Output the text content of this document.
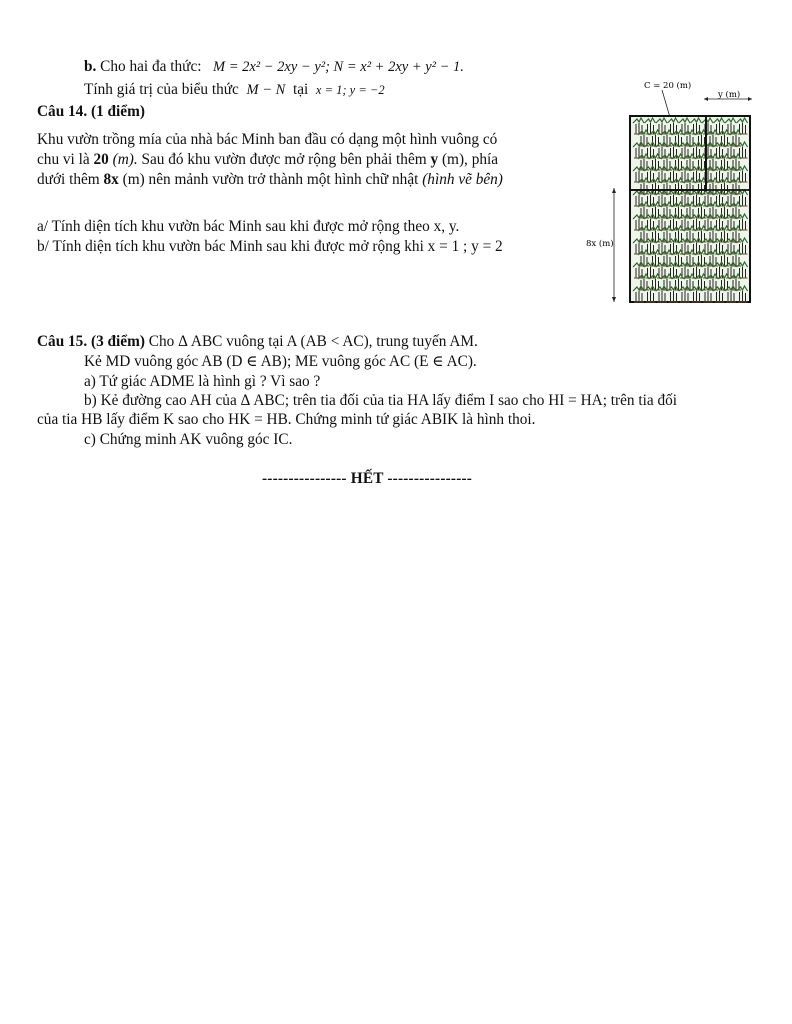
b. Cho hai đa thức: M = 2x² − 2xy − y²; N = x² + 2xy + y² − 1.
Tính giá trị của biểu thức M − N tại x = 1; y = −2
Câu 14. (1 điểm)
Khu vườn trồng mía của nhà bác Minh ban đầu có dạng một hình vuông có
chu vi là 20 (m). Sau đó khu vườn được mở rộng bên phải thêm y (m), phía
dưới thêm 8x (m) nên mảnh vườn trở thành một hình chữ nhật (hình vẽ bên)
a/ Tính diện tích khu vườn bác Minh sau khi được mở rộng theo x, y.
b/ Tính diện tích khu vườn bác Minh sau khi được mở rộng khi x = 1 ; y = 2
C = 20 (m)
y (m)
8x (m)
Câu 15. (3 điểm) Cho Δ ABC vuông tại A (AB < AC), trung tuyến AM.
Kẻ MD vuông góc AB (D ∈ AB); ME vuông góc AC (E ∈ AC).
a) Tứ giác ADME là hình gì ? Vì sao ?
b) Kẻ đường cao AH của Δ ABC; trên tia đối của tia HA lấy điểm I sao cho HI = HA; trên tia đối
của tia HB lấy điểm K sao cho HK = HB. Chứng minh tứ giác ABIK là hình thoi.
c) Chứng minh AK vuông góc IC.
---------------- HẾT ----------------
